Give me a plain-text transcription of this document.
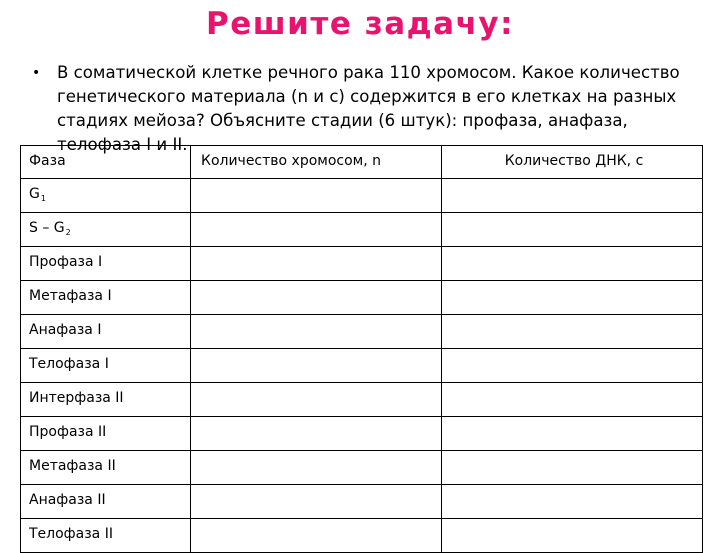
Решите задачу:
• В соматической клетке речного рака 110 хромосом. Какое количество генетического материала (n и c) содержится в его клетках на разных стадиях мейоза? Объясните стадии (6 штук): профаза, анафаза, телофаза I и II.
Фаза	Количество хромосом, n	Количество ДНК, с
$G_1$		
S – $G_2$		
Профаза I		
Метафаза I		
Анафаза I		
Телофаза I		
Интерфаза II		
Профаза II		
Метафаза II		
Анафаза II		
Телофаза II		
